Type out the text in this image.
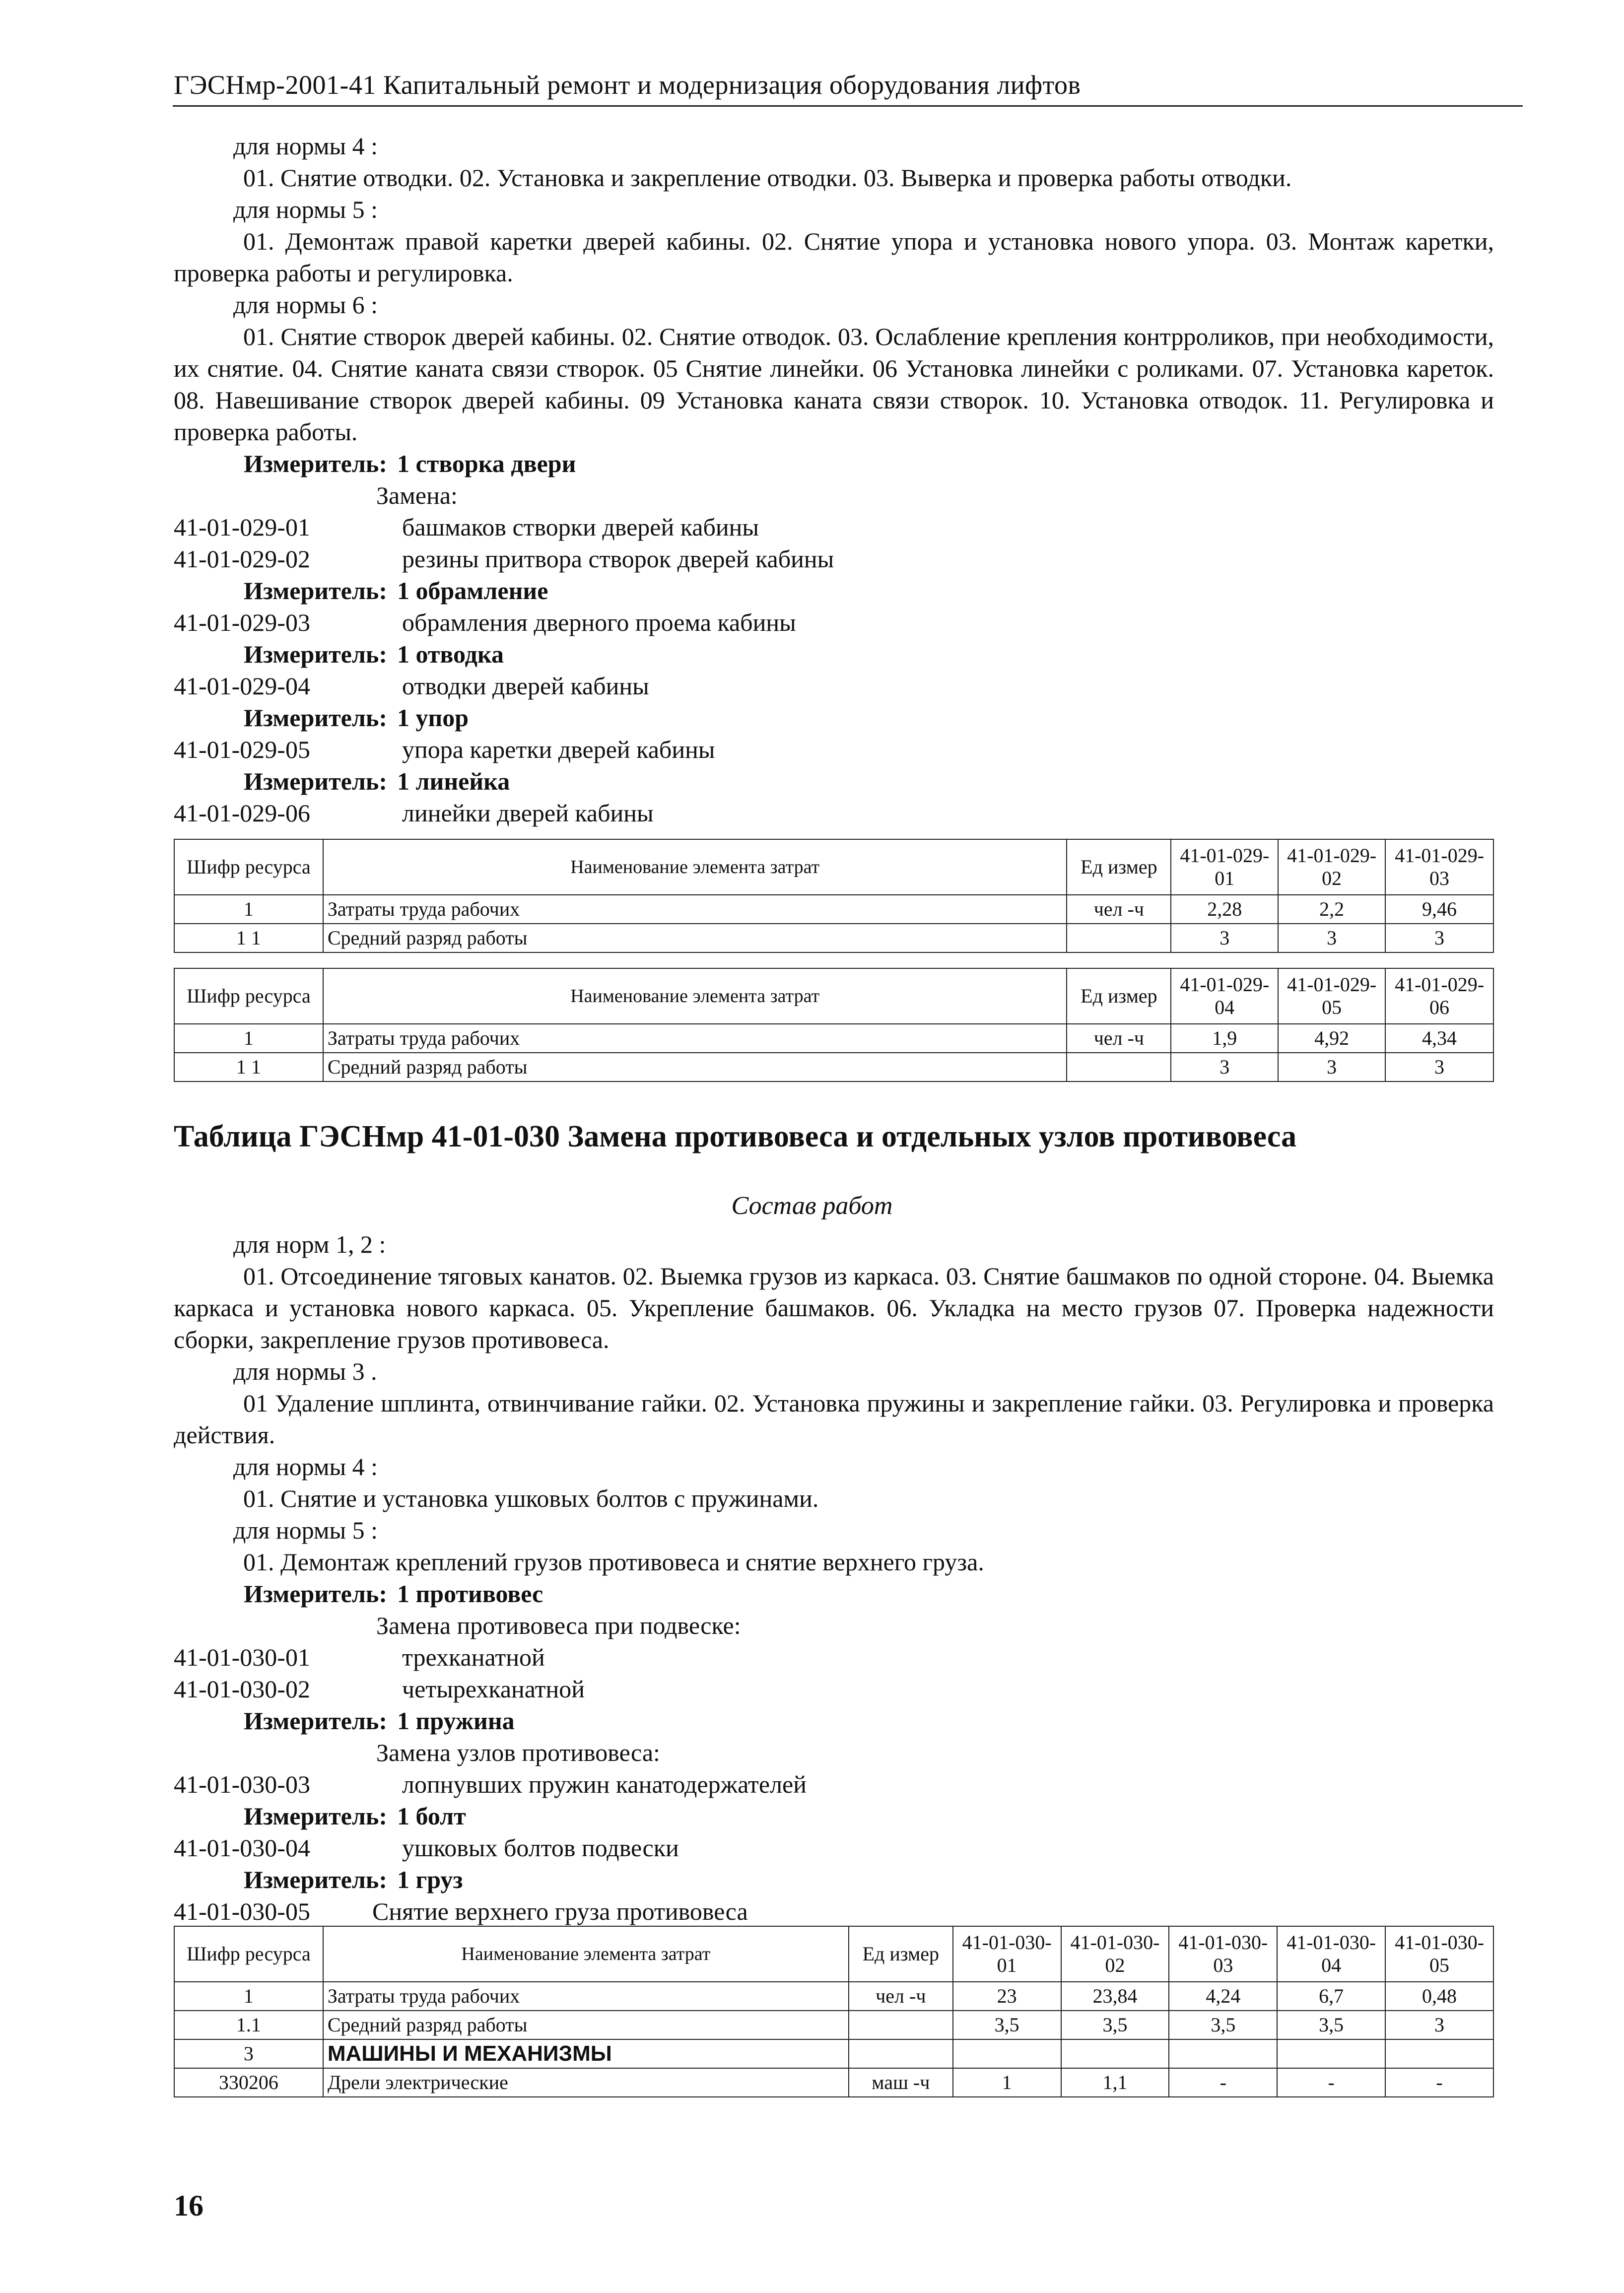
ГЭСНмр-2001-41 Капитальный ремонт и модернизация оборудования лифтов

для нормы 4 :

01. Снятие отводки. 02. Установка и закрепление отводки. 03. Выверка и проверка работы отводки.

для нормы 5 :

01. Демонтаж правой каретки дверей кабины. 02. Снятие упора и установка нового упора. 03. Монтаж каретки, проверка работы и регулировка.

для нормы 6 :

01. Снятие створок дверей кабины. 02. Снятие отводок. 03. Ослабление крепления контрроликов, при необходимости, их снятие. 04. Снятие каната связи створок. 05 Снятие линейки. 06 Установка линейки с роликами. 07. Установка кареток. 08. Навешивание створок дверей кабины. 09 Установка каната связи створок. 10. Установка отводок. 11. Регулировка и проверка работы.

Измеритель: 1 створка двери

Замена:

41-01-029-01	башмаков створки дверей кабины
41-01-029-02	резины притвора створок дверей кабины

Измеритель: 1 обрамление

41-01-029-03	обрамления дверного проема кабины

Измеритель: 1 отводка

41-01-029-04	отводки дверей кабины

Измеритель: 1 упор

41-01-029-05	упора каретки дверей кабины

Измеритель: 1 линейка

41-01-029-06	линейки дверей кабины
Шифр ресурса	Наименование элемента затрат	Ед измер	41-01-029-01	41-01-029-02	41-01-029-03
1	Затраты труда рабочих	чел -ч	2,28	2,2	9,46
1 1	Средний разряд работы		3	3	3
Шифр ресурса	Наименование элемента затрат	Ед измер	41-01-029-04	41-01-029-05	41-01-029-06
1	Затраты труда рабочих	чел -ч	1,9	4,92	4,34
1 1	Средний разряд работы		3	3	3
Таблица ГЭСНмр 41-01-030 Замена противовеса и отдельных узлов противовеса
Состав работ

для норм 1, 2 :

01. Отсоединение тяговых канатов. 02. Выемка грузов из каркаса. 03. Снятие башмаков по одной стороне. 04. Выемка каркаса и установка нового каркаса. 05. Укрепление башмаков. 06. Укладка на место грузов 07. Проверка надежности сборки, закрепление грузов противовеса.

для нормы 3 .

01 Удаление шплинта, отвинчивание гайки. 02. Установка пружины и закрепление гайки. 03. Регулировка и проверка действия.

для нормы 4 :

01. Снятие и установка ушковых болтов с пружинами.

для нормы 5 :

01. Демонтаж креплений грузов противовеса и снятие верхнего груза.

Измеритель: 1 противовес

Замена противовеса при подвеске:

41-01-030-01	трехканатной
41-01-030-02	четырехканатной

Измеритель: 1 пружина

Замена узлов противовеса:

41-01-030-03	лопнувших пружин канатодержателей

Измеритель: 1 болт

41-01-030-04	ушковых болтов подвески

Измеритель: 1 груз

41-01-030-05	Снятие верхнего груза противовеса
Шифр ресурса	Наименование элемента затрат	Ед измер	41-01-030-01	41-01-030-02	41-01-030-03	41-01-030-04	41-01-030-05
1	Затраты труда рабочих	чел -ч	23	23,84	4,24	6,7	0,48
1.1	Средний разряд работы		3,5	3,5	3,5	3,5	3
3	МАШИНЫ И МЕХАНИЗМЫ						
330206	Дрели электрические	маш -ч	1	1,1	-	-	-
16
